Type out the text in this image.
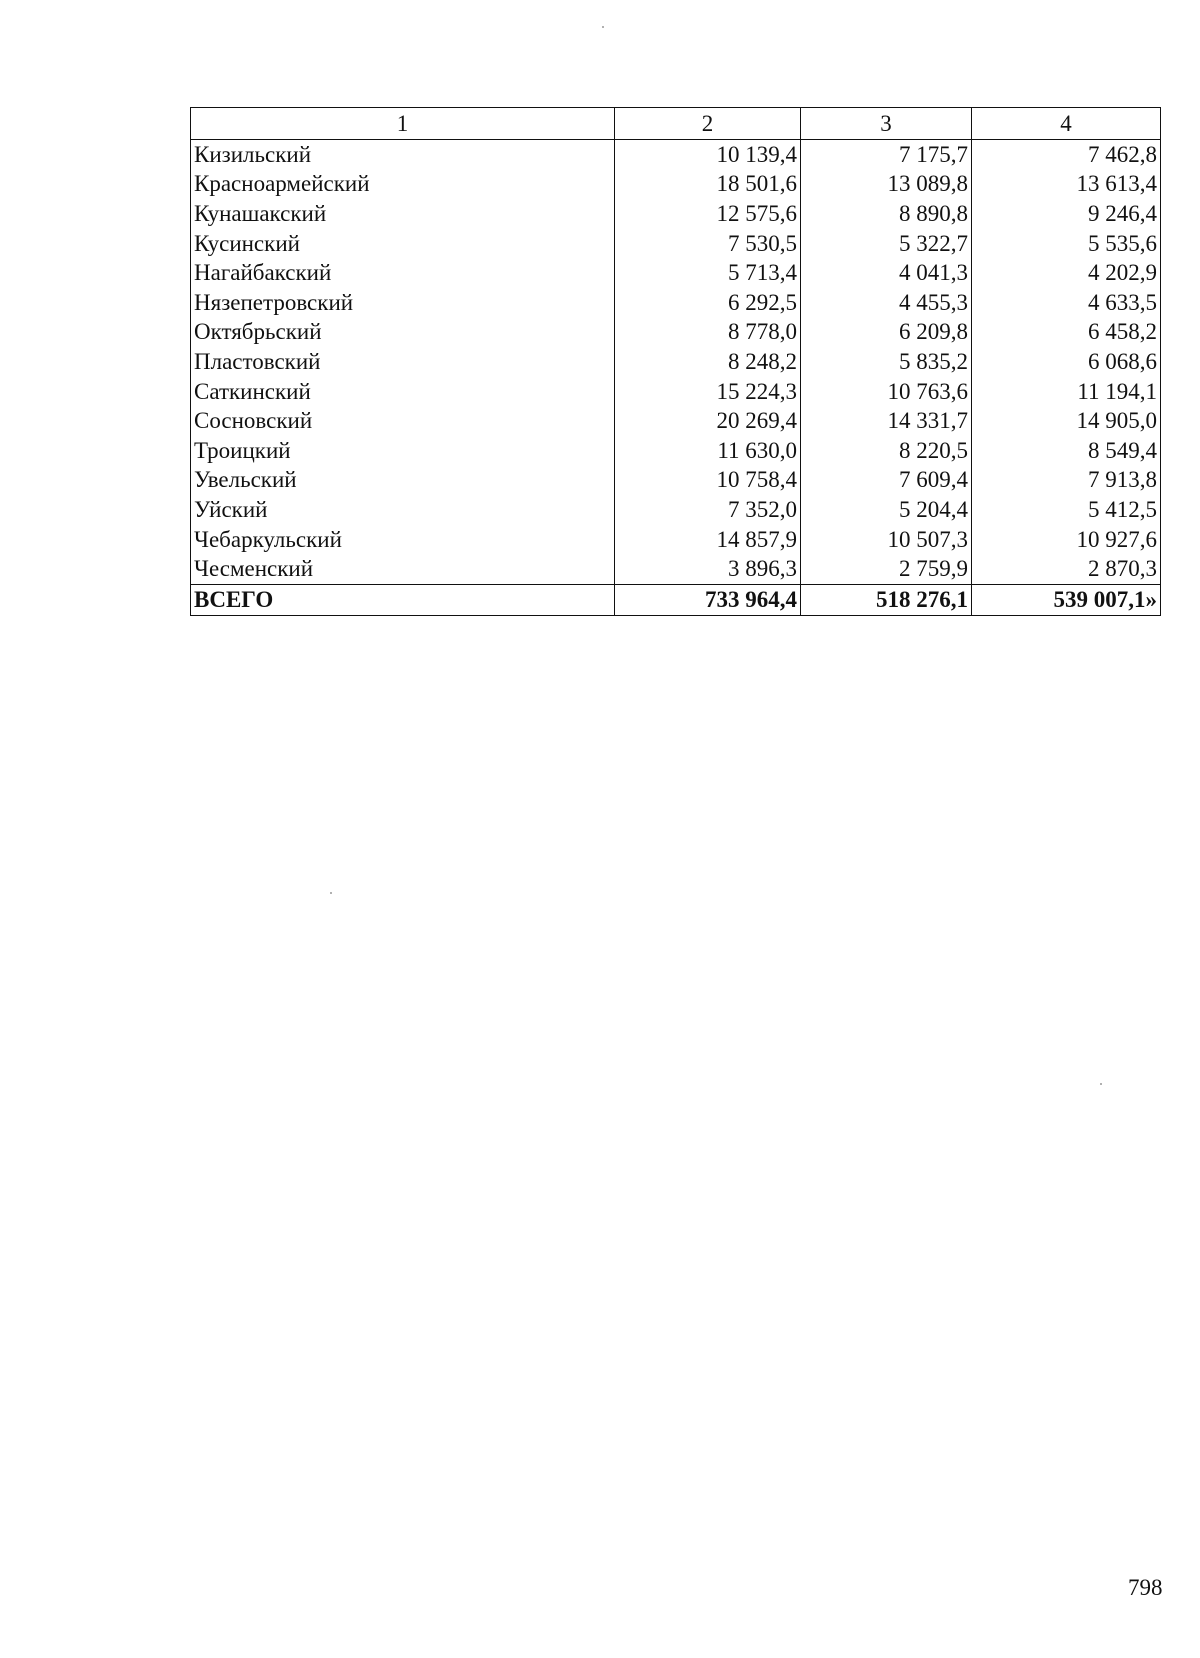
1	2	3	4
Кизильский	10 139,4	7 175,7	7 462,8
Красноармейский	18 501,6	13 089,8	13 613,4
Кунашакский	12 575,6	8 890,8	9 246,4
Кусинский	7 530,5	5 322,7	5 535,6
Нагайбакский	5 713,4	4 041,3	4 202,9
Нязепетровский	6 292,5	4 455,3	4 633,5
Октябрьский	8 778,0	6 209,8	6 458,2
Пластовский	8 248,2	5 835,2	6 068,6
Саткинский	15 224,3	10 763,6	11 194,1
Сосновский	20 269,4	14 331,7	14 905,0
Троицкий	11 630,0	8 220,5	8 549,4
Увельский	10 758,4	7 609,4	7 913,8
Уйский	7 352,0	5 204,4	5 412,5
Чебаркульский	14 857,9	10 507,3	10 927,6
Чесменский	3 896,3	2 759,9	2 870,3
ВСЕГО	733 964,4	518 276,1	539 007,1»
798
